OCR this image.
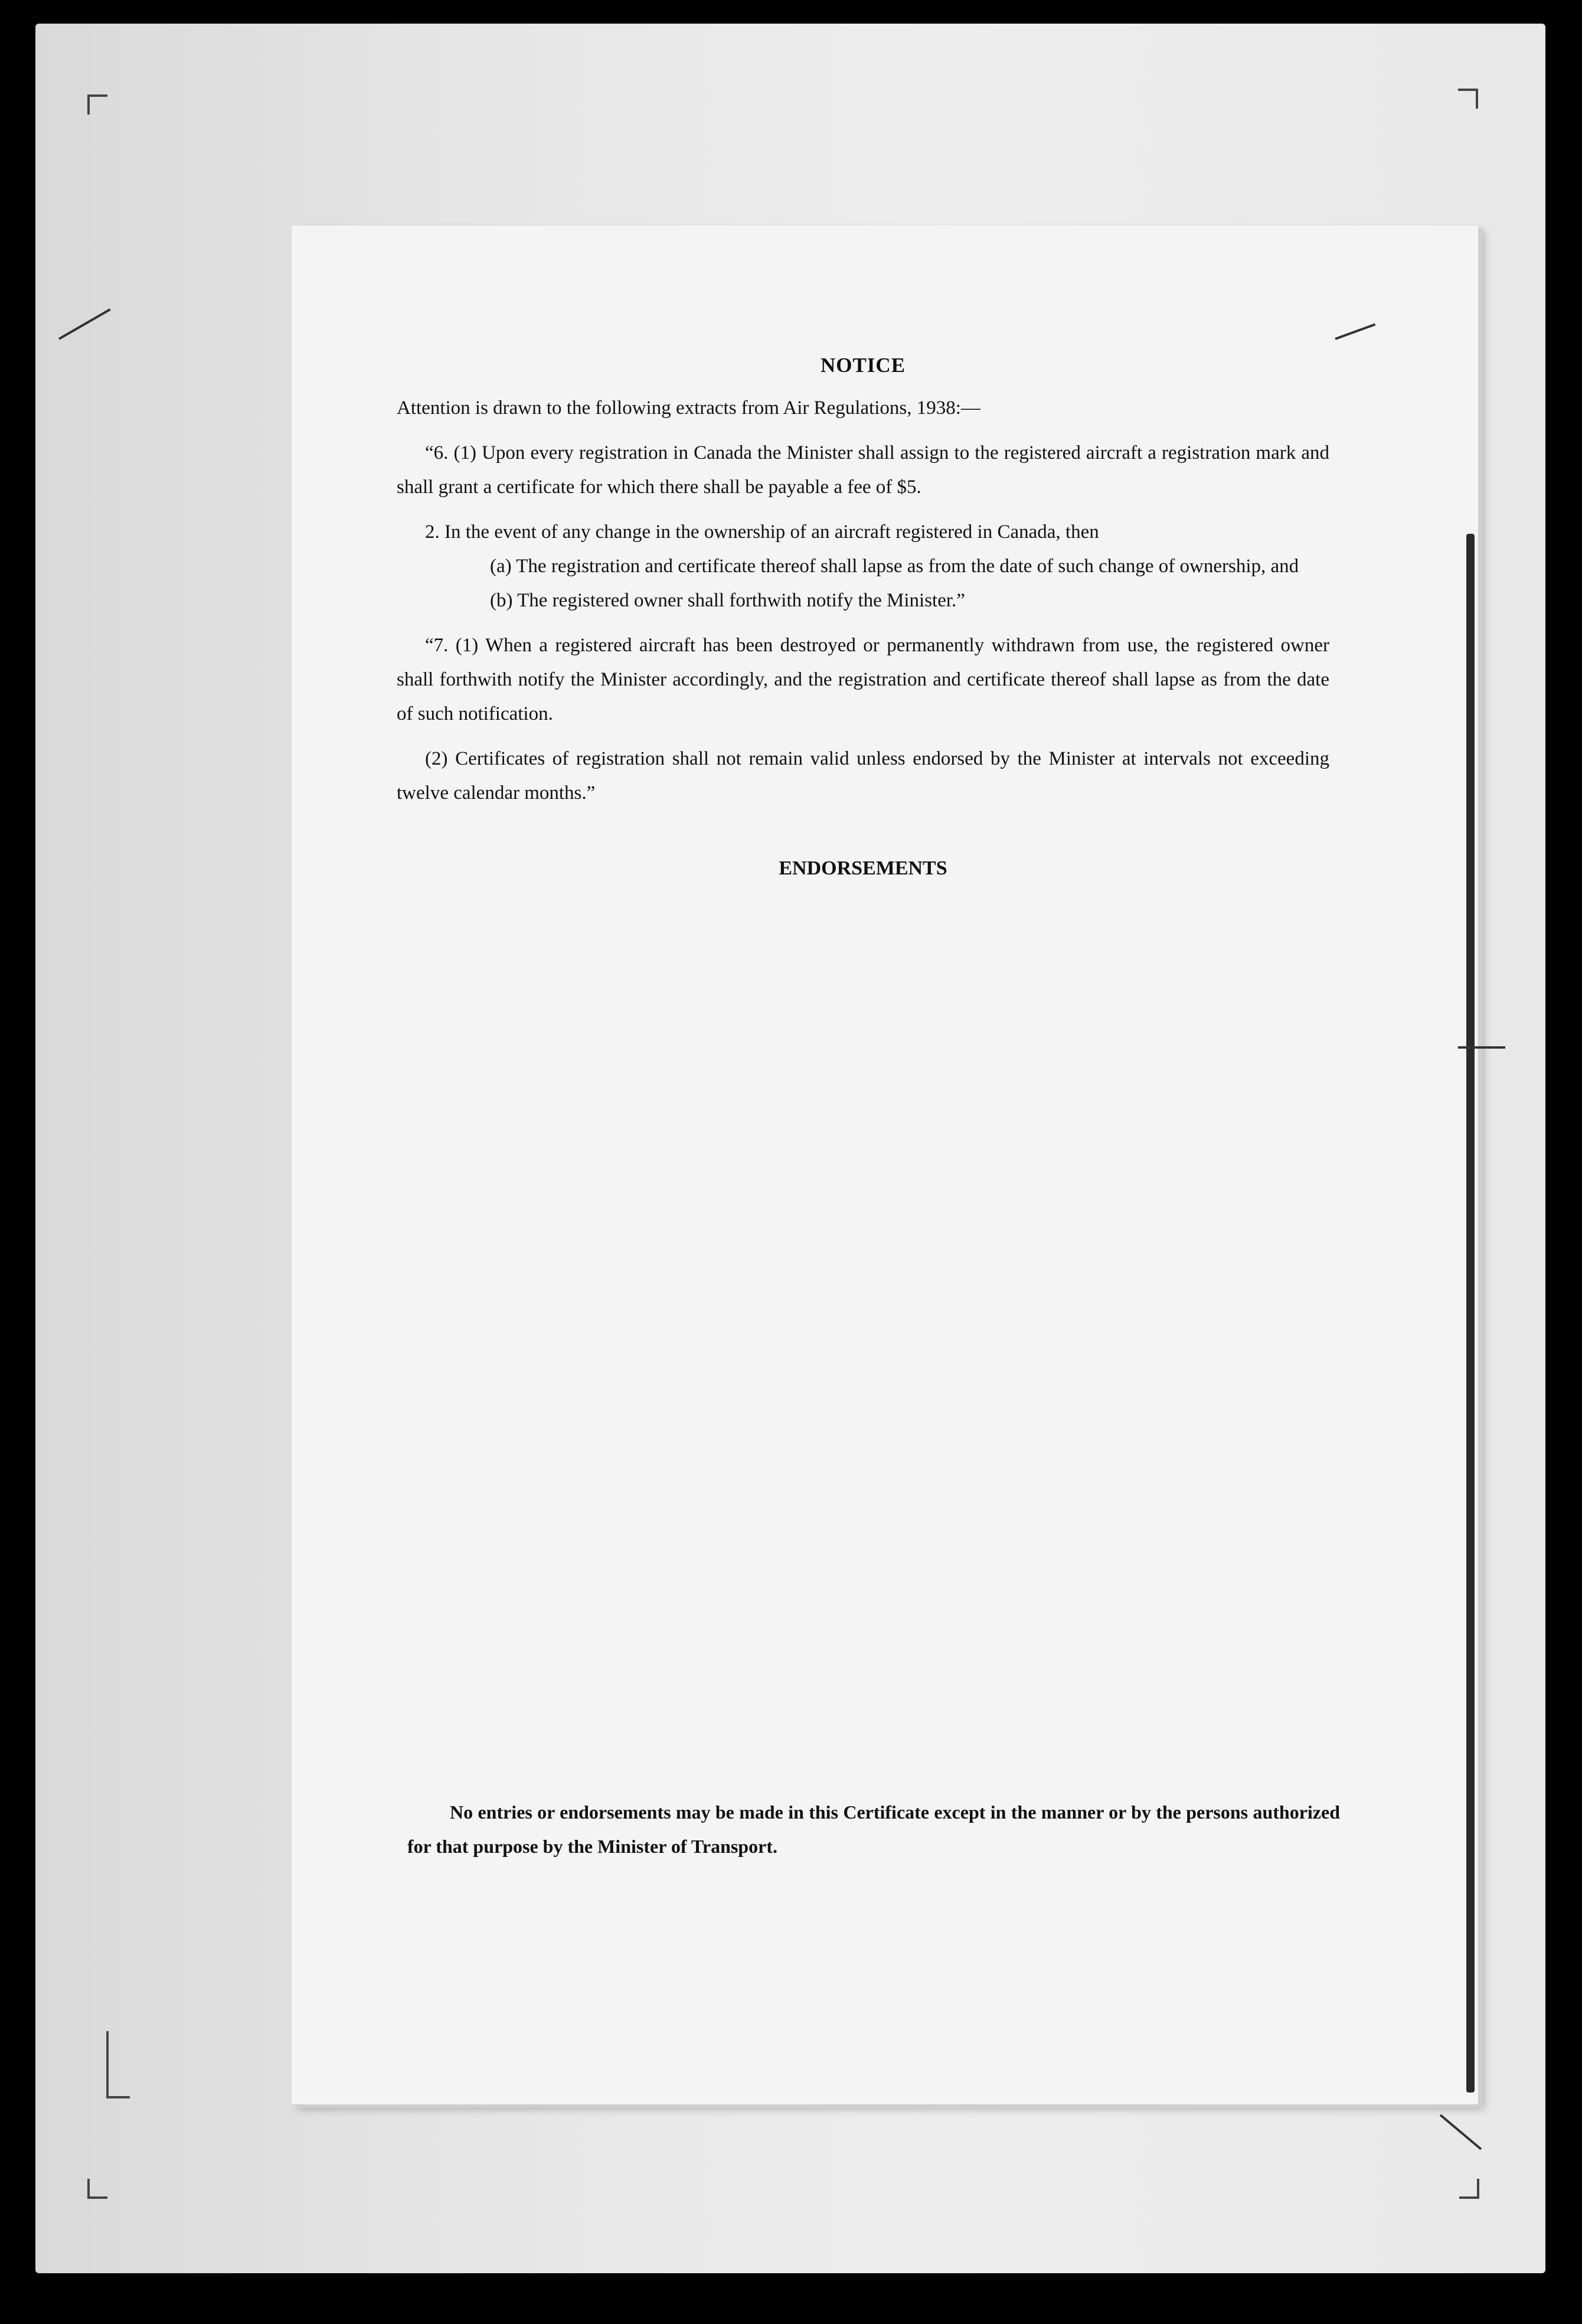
NOTICE

Attention is drawn to the following extracts from Air Regulations, 1938:—

“6. (1) Upon every registration in Canada the Minister shall assign to the registered aircraft a registration mark and shall grant a certificate for which there shall be payable a fee of $5.

2. In the event of any change in the ownership of an aircraft registered in Canada, then

(a) The registration and certificate thereof shall lapse as from the date of such change of ownership, and

(b) The registered owner shall forthwith notify the Minister.”

“7. (1) When a registered aircraft has been destroyed or permanently withdrawn from use, the registered owner shall forthwith notify the Minister accordingly, and the registration and certificate thereof shall lapse as from the date of such notification.

(2) Certificates of registration shall not remain valid unless endorsed by the Minister at intervals not exceeding twelve calendar months.”

ENDORSEMENTS

No entries or endorsements may be made in this Certificate except in the manner or by the persons authorized for that purpose by the Minister of Transport.
